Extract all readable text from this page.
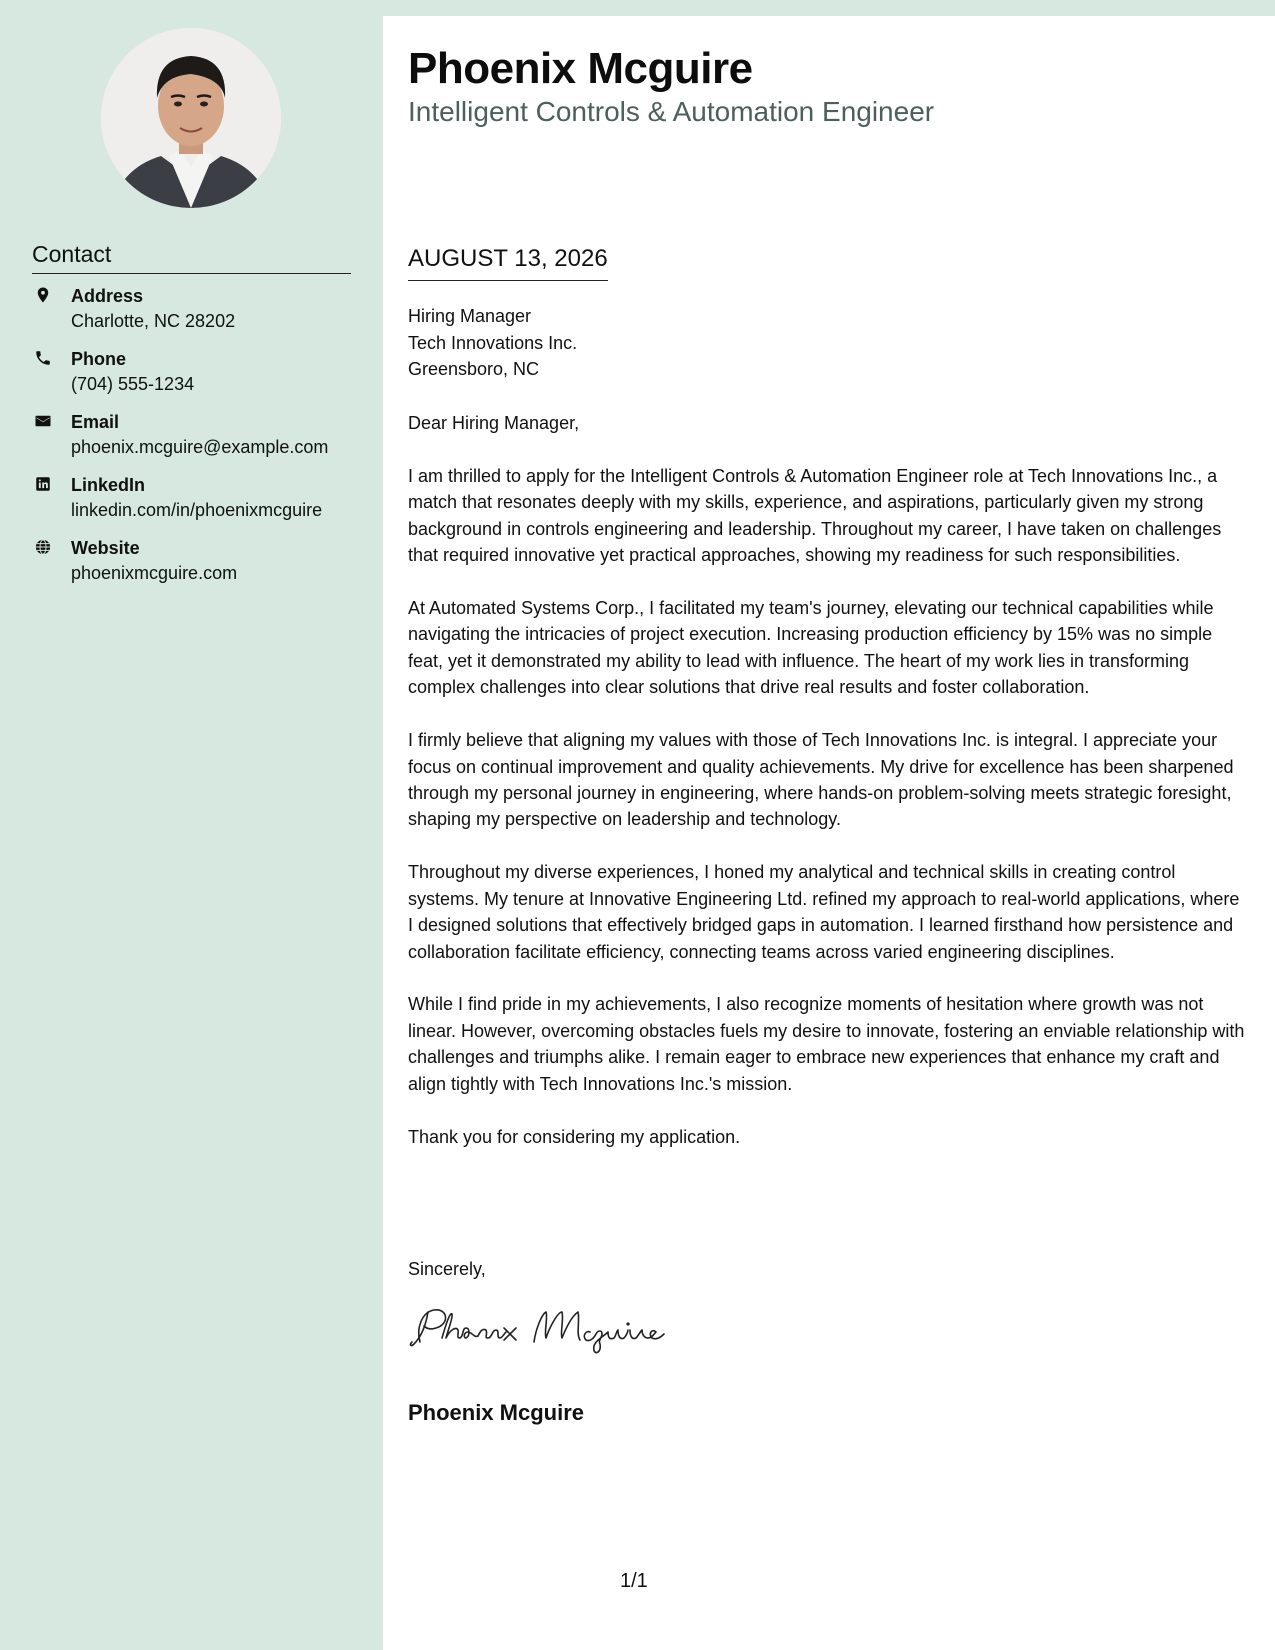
Contact
Address
Charlotte, NC 28202
Phone
(704) 555-1234
Email
phoenix.mcguire@example.com
LinkedIn
linkedin.com/in/phoenixmcguire
Website
phoenixmcguire.com
Phoenix Mcguire
Intelligent Controls & Automation Engineer
AUGUST 13, 2026
Hiring Manager
Tech Innovations Inc.
Greensboro, NC

Dear Hiring Manager,

I am thrilled to apply for the Intelligent Controls & Automation Engineer role at Tech Innovations Inc., a match that resonates deeply with my skills, experience, and aspirations, particularly given my strong background in controls engineering and leadership. Throughout my career, I have taken on challenges that required innovative yet practical approaches, showing my readiness for such responsibilities.

At Automated Systems Corp., I facilitated my team's journey, elevating our technical capabilities while navigating the intricacies of project execution. Increasing production efficiency by 15% was no simple feat, yet it demonstrated my ability to lead with influence. The heart of my work lies in transforming complex challenges into clear solutions that drive real results and foster collaboration.

I firmly believe that aligning my values with those of Tech Innovations Inc. is integral. I appreciate your focus on continual improvement and quality achievements. My drive for excellence has been sharpened through my personal journey in engineering, where hands-on problem-solving meets strategic foresight, shaping my perspective on leadership and technology.

Throughout my diverse experiences, I honed my analytical and technical skills in creating control systems. My tenure at Innovative Engineering Ltd. refined my approach to real-world applications, where I designed solutions that effectively bridged gaps in automation. I learned firsthand how persistence and collaboration facilitate efficiency, connecting teams across varied engineering disciplines.

While I find pride in my achievements, I also recognize moments of hesitation where growth was not linear. However, overcoming obstacles fuels my desire to innovate, fostering an enviable relationship with challenges and triumphs alike. I remain eager to embrace new experiences that enhance my craft and align tightly with Tech Innovations Inc.'s mission.

Thank you for considering my application.

Sincerely,
Phoenix Mcguire
1/1
